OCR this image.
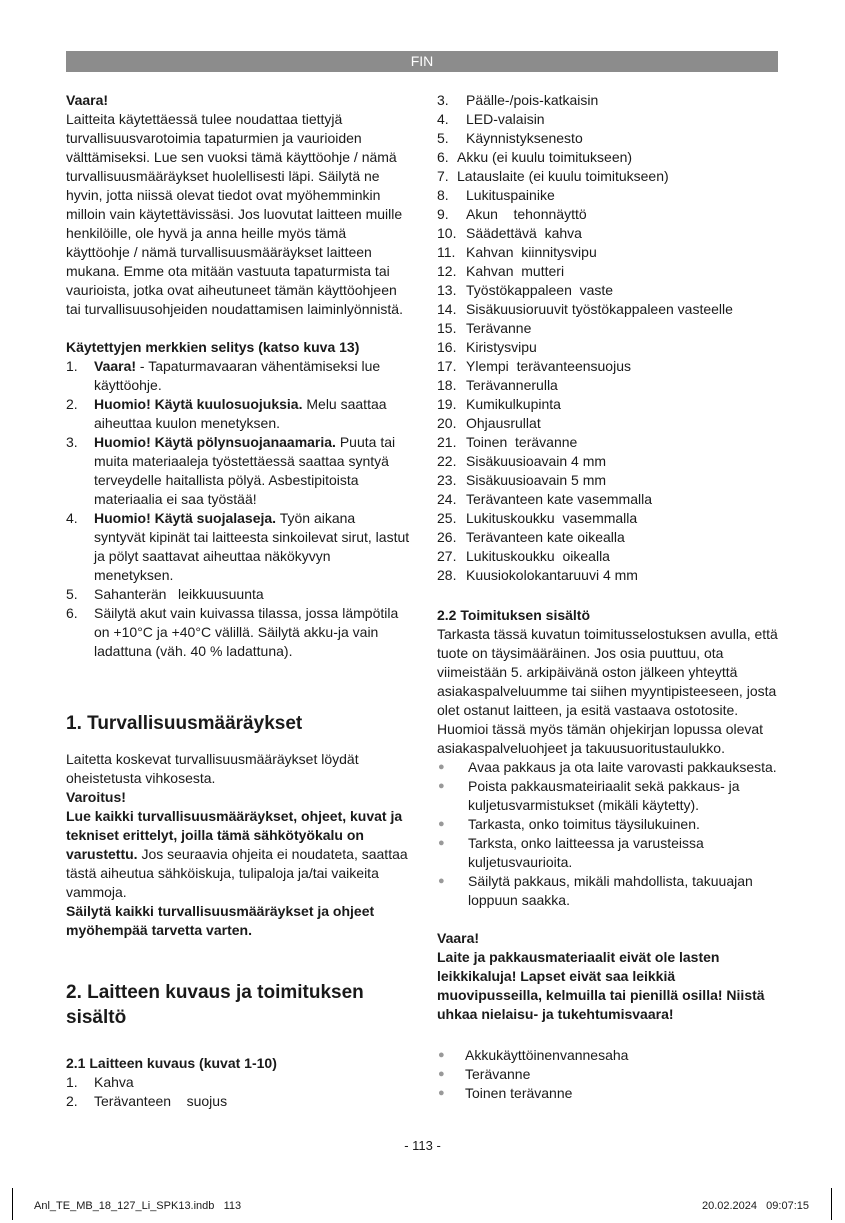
FIN

Vaara!

Laitteita käytettäessä tulee noudattaa tiettyjä turvallisuusvarotoimia tapaturmien ja vaurioiden välttämiseksi. Lue sen vuoksi tämä käyttöohje / nämä turvallisuusmääräykset huolellisesti läpi. Säilytä ne hyvin, jotta niissä olevat tiedot ovat myöhemminkin milloin vain käytettävissäsi. Jos luovutat laitteen muille henkilöille, ole hyvä ja anna heille myös tämä käyttöohje / nämä turvallisuusmääräykset laitteen mukana. Emme ota mitään vastuuta tapaturmista tai vaurioista, jotka ovat aiheutuneet tämän käyttöohjeen tai turvallisuusohjeiden noudattamisen laiminlyönnistä.

Käytettyjen merkkien selitys (katso kuva 13)

1.	Vaara! - Tapaturmavaaran vähentämiseksi lue käyttöohje.
2.	Huomio! Käytä kuulosuojuksia. Melu saattaa aiheuttaa kuulon menetyksen.
3.	Huomio! Käytä pölynsuojanaamaria. Puuta tai muita materiaaleja työstettäessä saattaa syntyä terveydelle haitallista pölyä. Asbestipitoista materiaalia ei saa työstää!
4.	Huomio! Käytä suojalaseja. Työn aikana syntyvät kipinät tai laitteesta sinkoilevat sirut, lastut ja pölyt saattavat aiheuttaa näkökyvyn menetyksen.
5.	Sahanterän   leikkuusuunta
6.	Säilytä akut vain kuivassa tilassa, jossa lämpötila on +10°C ja +40°C välillä. Säilytä akku-ja vain ladattuna (väh. 40 % ladattuna).

1. Turvallisuusmääräykset

Laitetta koskevat turvallisuusmääräykset löydät oheistetusta vihkosesta.

Varoitus!

Lue kaikki turvallisuusmääräykset, ohjeet, kuvat ja tekniset erittelyt, joilla tämä sähkötyökalu on varustettu. Jos seuraavia ohjeita ei noudateta, saattaa tästä aiheutua sähköiskuja, tulipaloja ja/tai vaikeita vammoja.

Säilytä kaikki turvallisuusmääräykset ja ohjeet myöhempää tarvetta varten.

2. Laitteen kuvaus ja toimituksen sisältö

2.1 Laitteen kuvaus (kuvat 1-10)

1.	Kahva
2.	Terävanteen    suojus
3.	Päälle-/pois-katkaisin
4.	LED-valaisin
5.	Käynnistyksenesto
6. Akku (ei kuulu toimitukseen)
7. Latauslaite (ei kuulu toimitukseen)
8.	Lukituspainike
9.	Akun    tehonnäyttö
10. Säädettävä  kahva
11. Kahvan  kiinnitysvipu
12. Kahvan  mutteri
13. Työstökappaleen  vaste
14. Sisäkuusioruuvit työstökappaleen vasteelle
15. Terävanne
16. Kiristysvipu
17. Ylempi  terävanteensuojus
18. Terävannerulla
19. Kumikulkupinta
20. Ohjausrullat
21. Toinen  terävanne
22. Sisäkuusioavain 4 mm
23. Sisäkuusioavain 5 mm
24. Terävanteen kate vasemmalla
25. Lukituskoukku  vasemmalla
26. Terävanteen kate oikealla
27. Lukituskoukku  oikealla
28. Kuusiokolokantaruuvi 4 mm

2.2 Toimituksen sisältö

Tarkasta tässä kuvatun toimitusselostuksen avulla, että tuote on täysimääräinen. Jos osia puuttuu, ota viimeistään 5. arkipäivänä oston jälkeen yhteyttä asiakaspalveluumme tai siihen myyntipisteeseen, josta olet ostanut laitteen, ja esitä vastaava ostotosite. Huomioi tässä myös tämän ohjekirjan lopussa olevat asiakaspalveluohjeet ja takuusuoritustaulukko.

●	Avaa pakkaus ja ota laite varovasti pakkauksesta.
●	Poista pakkausmateiriaalit sekä pakkaus- ja kuljetusvarmistukset (mikäli käytetty).
●	Tarkasta, onko toimitus täysilukuinen.
●	Tarksta, onko laitteessa ja varusteissa kuljetusvaurioita.
●	Säilytä pakkaus, mikäli mahdollista, takuuajan loppuun saakka.

Vaara!

Laite ja pakkausmateriaalit eivät ole lasten leikkikaluja! Lapset eivät saa leikkiä muovipusseilla, kelmuilla tai pienillä osilla! Niistä uhkaa nielaisu- ja tukehtumisvaara!

●	Akkukäyttöinenvannesaha
●	Terävanne
●	Toinen terävanne
- 113 -
Anl_TE_MB_18_127_Li_SPK13.indb   113	20.02.2024   09:07:15
